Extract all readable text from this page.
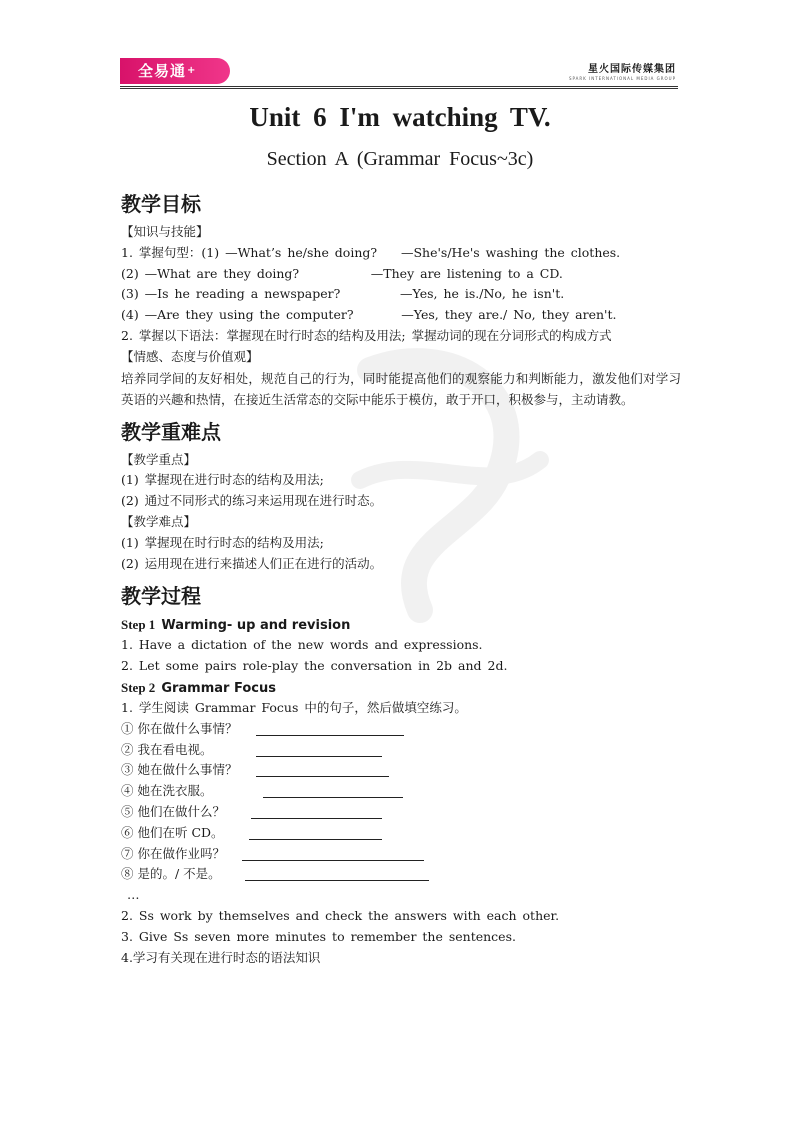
全易通+	星火国际传媒集团
SPARK INTERNATIONAL MEDIA GROUP
Unit 6 I'm watching TV.
Section A (Grammar Focus~3c)
教学目标
【知识与技能】
1. 掌握句型：(1) —What’s he/she doing?    —She's/He's washing the clothes.
(2) —What are they doing?            —They are listening to a CD.
(3) —Is he reading a newspaper?          —Yes, he is./No, he isn't.
(4) —Are they using the computer?        —Yes, they are./ No, they aren't.
2. 掌握以下语法：掌握现在时行时态的结构及用法; 掌握动词的现在分词形式的构成方式
【情感、态度与价值观】
培养同学间的友好相处，规范自己的行为，同时能提高他们的观察能力和判断能力，激发他们对学习英语的兴趣和热情，在接近生活常态的交际中能乐于模仿，敢于开口，积极参与，主动请教。
教学重难点
【教学重点】
(1) 掌握现在进行时态的结构及用法;
(2) 通过不同形式的练习来运用现在进行时态。
【教学难点】
(1) 掌握现在时行时态的结构及用法;
(2) 运用现在进行来描述人们正在进行的活动。
教学过程
Step 1 Warming- up and revision
1. Have a dictation of the new words and expressions.
2. Let some pairs role-play the conversation in 2b and 2d.
Step 2 Grammar Focus
1. 学生阅读 Grammar Focus 中的句子，然后做填空练习。
① 你在做什么事情？
② 我在看电视。
③ 她在做什么事情？
④ 她在洗衣服。
⑤ 他们在做什么？
⑥ 他们在听 CD。
⑦ 你在做作业吗？
⑧ 是的。/ 不是。
…
2. Ss work by themselves and check the answers with each other.
3. Give Ss seven more minutes to remember the sentences.
4.学习有关现在进行时态的语法知识
